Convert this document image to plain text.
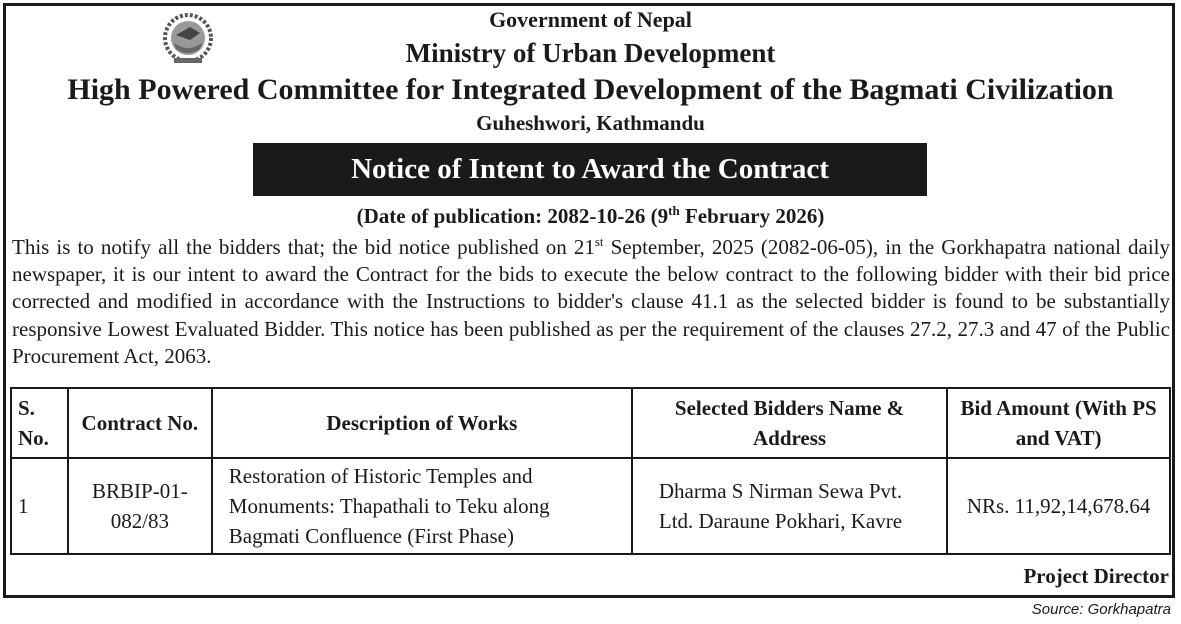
Government of Nepal
Ministry of Urban Development
High Powered Committee for Integrated Development of the Bagmati Civilization
Guheshwori, Kathmandu
Notice of Intent to Award the Contract
(Date of publication: 2082-10-26 (9th February 2026)
This is to notify all the bidders that; the bid notice published on 21st September, 2025 (2082-06-05), in the Gorkhapatra national daily newspaper, it is our intent to award the Contract for the bids to execute the below contract to the following bidder with their bid price corrected and modified in accordance with the Instructions to bidder's clause 41.1 as the selected bidder is found to be substantially responsive Lowest Evaluated Bidder. This notice has been published as per the requirement of the clauses 27.2, 27.3 and 47 of the Public Procurement Act, 2063.
S. No.	Contract No.	Description of Works	Selected Bidders Name & Address	Bid Amount (With PS and VAT)
1	BRBIP-01-082/83	Restoration of Historic Temples and Monuments: Thapathali to Teku along Bagmati Confluence (First Phase)	Dharma S Nirman Sewa Pvt. Ltd. Daraune Pokhari, Kavre	NRs. 11,92,14,678.64
Project Director
Source: Gorkhapatra
